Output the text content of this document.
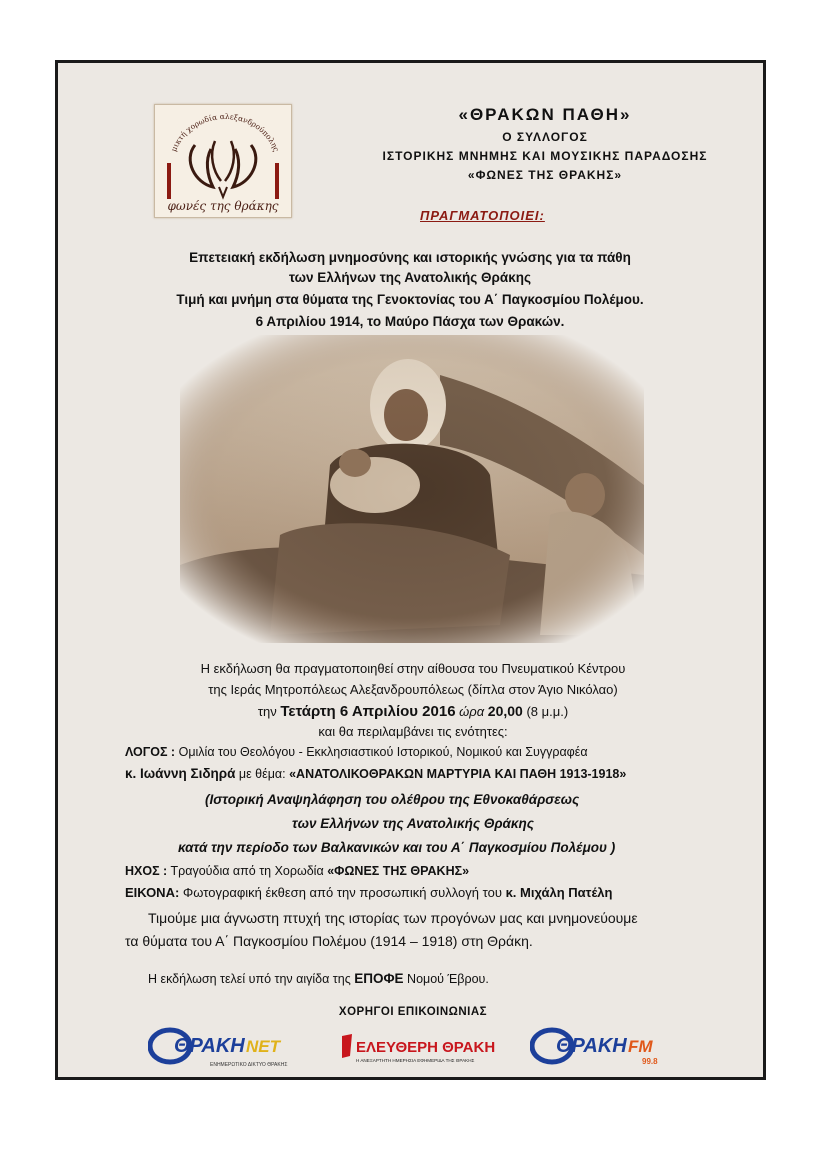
μικτή χορωδία αλεξανδρούπολης
φωνές της θράκης
«ΘΡΑΚΩΝ ΠΑΘΗ»
Ο ΣΥΛΛΟΓΟΣ
ΙΣΤΟΡΙΚΗΣ ΜΝΗΜΗΣ ΚΑΙ ΜΟΥΣΙΚΗΣ ΠΑΡΑΔΟΣΗΣ
«ΦΩΝΕΣ ΤΗΣ ΘΡΑΚΗΣ»
ΠΡΑΓΜΑΤΟΠΟΙΕΙ:
Επετειακή εκδήλωση μνημοσύνης και ιστορικής γνώσης για τα πάθη
των Ελλήνων της Ανατολικής Θράκης
Τιμή και μνήμη στα θύματα της Γενοκτονίας του Α΄ Παγκοσμίου Πολέμου.
6 Απριλίου 1914, το Μαύρο Πάσχα των Θρακών.
Η εκδήλωση θα πραγματοποιηθεί στην αίθουσα του Πνευματικού Κέντρου
της Ιεράς Μητροπόλεως Αλεξανδρουπόλεως (δίπλα στον Άγιο Νικόλαο)
την Τετάρτη 6 Απριλίου 2016 ώρα 20,00 (8 μ.μ.)
και θα περιλαμβάνει τις ενότητες:
ΛΟΓΟΣ : Ομιλία του Θεολόγου - Εκκλησιαστικού Ιστορικού, Νομικού και Συγγραφέα
κ. Ιωάννη Σιδηρά με θέμα: «ΑΝΑΤΟΛΙΚΟΘΡΑΚΩΝ ΜΑΡΤΥΡΙΑ ΚΑΙ ΠΑΘΗ 1913-1918»
(Ιστορική Αναψηλάφηση του ολέθρου της Εθνοκαθάρσεως
των Ελλήνων της Ανατολικής Θράκης
κατά την περίοδο των Βαλκανικών και του Α΄ Παγκοσμίου Πολέμου )
ΗΧΟΣ : Τραγούδια από τη Χορωδία «ΦΩΝΕΣ ΤΗΣ ΘΡΑΚΗΣ»
ΕΙΚΟΝΑ: Φωτογραφική έκθεση από την προσωπική συλλογή του κ. Μιχάλη Πατέλη
Τιμούμε μια άγνωστη πτυχή της ιστορίας των προγόνων μας και μνημονεύουμε
τα θύματα του Α΄ Παγκοσμίου Πολέμου (1914 – 1918) στη Θράκη.
Η εκδήλωση τελεί υπό την αιγίδα της ΕΠΟΦΕ Νομού Έβρου.
ΧΟΡΗΓΟΙ ΕΠΙΚΟΙΝΩΝΙΑΣ
ΘΡΑΚΗ NET
ΕΝΗΜΕΡΩΤΙΚΟ ΔΙΚΤΥΟ ΘΡΑΚΗΣ
ΕΛΕΥΘΕΡΗ ΘΡΑΚΗ
Η ΑΝΕΞΑΡΤΗΤΗ ΗΜΕΡΗΣΙΑ ΕΦΗΜΕΡΙΔΑ ΤΗΣ ΘΡΑΚΗΣ
ΘΡΑΚΗ FM
99.8
